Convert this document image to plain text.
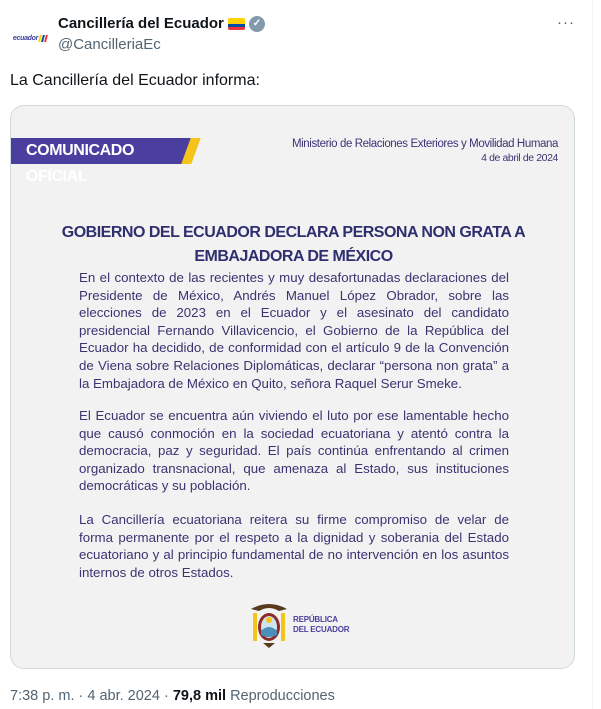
ecuador
Cancillería del Ecuador	✓
@CancilleriaEc
···
La Cancillería del Ecuador informa:
COMUNICADO OFICIAL
Ministerio de Relaciones Exteriores y Movilidad Humana
4 de abril de 2024
GOBIERNO DEL ECUADOR DECLARA PERSONA NON GRATA A
EMBAJADORA DE MÉXICO

En el contexto de las recientes y muy desafortunadas declaraciones del Presidente de México, Andrés Manuel López Obrador, sobre las elecciones de 2023 en el Ecuador y el asesinato del candidato presidencial Fernando Villavicencio, el Gobierno de la República del Ecuador ha decidido, de conformidad con el artículo 9 de la Convención de Viena sobre Relaciones Diplomáticas, declarar “persona non grata” a la Embajadora de México en Quito, señora Raquel Serur Smeke.

El Ecuador se encuentra aún viviendo el luto por ese lamentable hecho que causó conmoción en la sociedad ecuatoriana y atentó contra la democracia, paz y seguridad. El país continúa enfrentando al crimen organizado transnacional, que amenaza al Estado, sus instituciones democráticas y su población.

La Cancillería ecuatoriana reitera su firme compromiso de velar de forma permanente por el respeto a la dignidad y soberania del Estado ecuatoriano y al principio fundamental de no intervención en los asuntos internos de otros Estados.

REPÚBLICA
DEL ECUADOR
7:38 p. m. · 4 abr. 2024 · 79,8 mil Reproducciones
